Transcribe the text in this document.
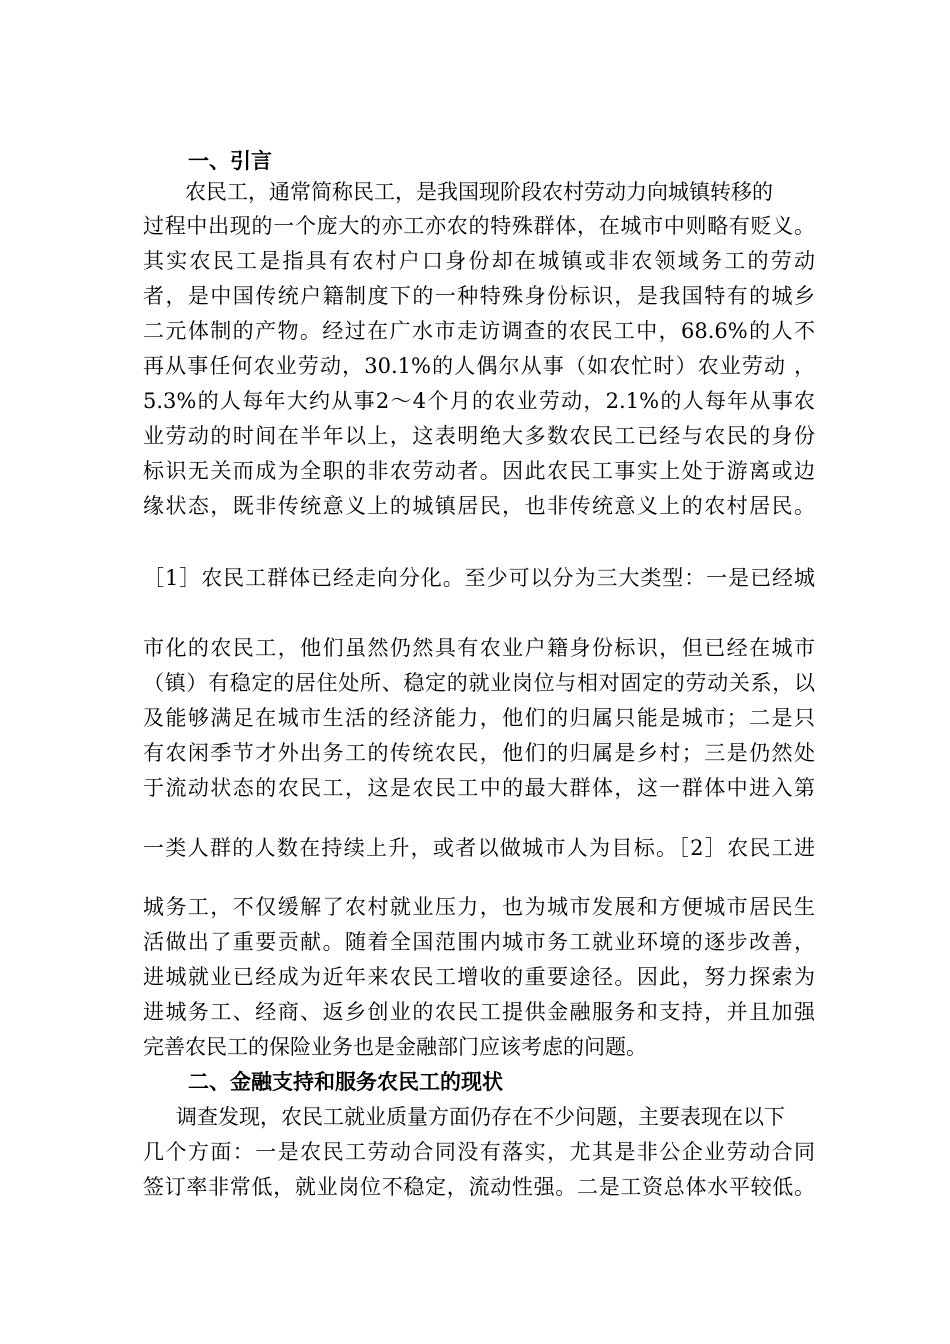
一、引言
农民工，通常简称民工，是我国现阶段农村劳动力向城镇转移的
过程中出现的一个庞大的亦工亦农的特殊群体，在城市中则略有贬义。
其实农民工是指具有农村户口身份却在城镇或非农领域务工的劳动
者，是中国传统户籍制度下的一种特殊身份标识，是我国特有的城乡
二元体制的产物。经过在广水市走访调查的农民工中，68.6%的人不
再从事任何农业劳动，30.1%的人偶尔从事（如农忙时）农业劳动 ，
5.3%的人每年大约从事2～4个月的农业劳动，2.1%的人每年从事农
业劳动的时间在半年以上，这表明绝大多数农民工已经与农民的身份
标识无关而成为全职的非农劳动者。因此农民工事实上处于游离或边
缘状态，既非传统意义上的城镇居民，也非传统意义上的农村居民。
［1］农民工群体已经走向分化。至少可以分为三大类型：一是已经城
市化的农民工，他们虽然仍然具有农业户籍身份标识，但已经在城市
（镇）有稳定的居住处所、稳定的就业岗位与相对固定的劳动关系，以
及能够满足在城市生活的经济能力，他们的归属只能是城市；二是只
有农闲季节才外出务工的传统农民，他们的归属是乡村；三是仍然处
于流动状态的农民工，这是农民工中的最大群体，这一群体中进入第
一类人群的人数在持续上升，或者以做城市人为目标。［2］农民工进
城务工，不仅缓解了农村就业压力，也为城市发展和方便城市居民生
活做出了重要贡献。随着全国范围内城市务工就业环境的逐步改善，
进城就业已经成为近年来农民工增收的重要途径。因此，努力探索为
进城务工、经商、返乡创业的农民工提供金融服务和支持，并且加强
完善农民工的保险业务也是金融部门应该考虑的问题。
二、金融支持和服务农民工的现状
调查发现，农民工就业质量方面仍存在不少问题，主要表现在以下
几个方面：一是农民工劳动合同没有落实，尤其是非公企业劳动合同
签订率非常低，就业岗位不稳定，流动性强。二是工资总体水平较低。
